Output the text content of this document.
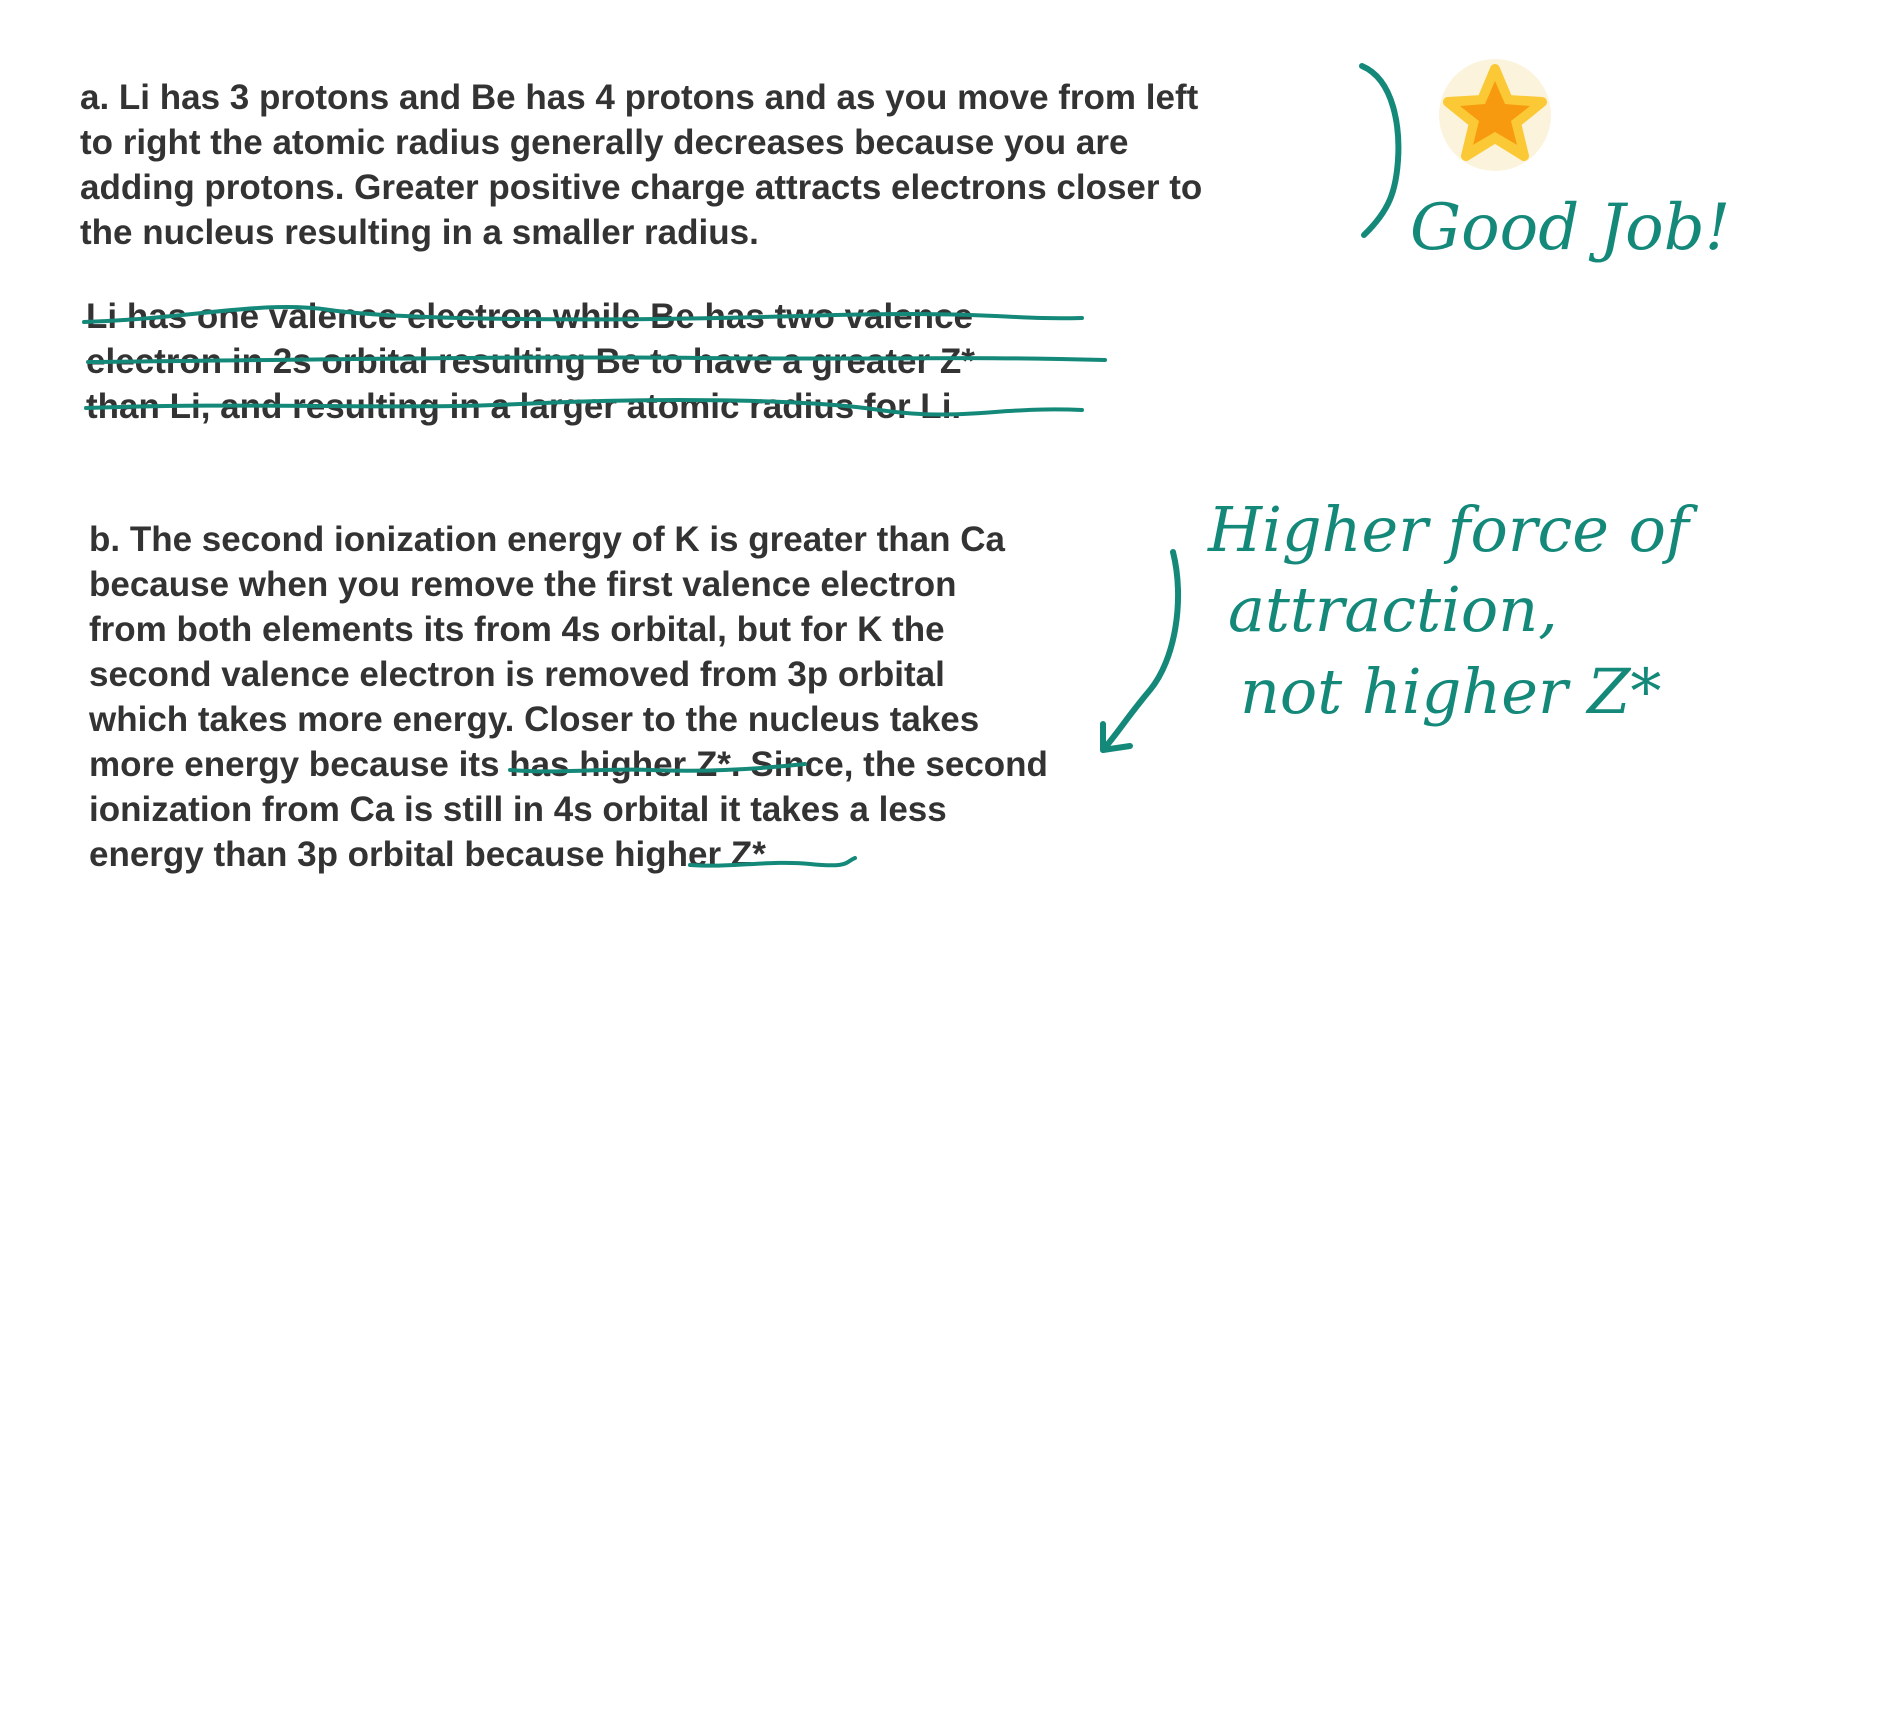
a. Li has 3 protons and Be has 4 protons and as you move from left
to right the atomic radius generally decreases because you are
adding protons. Greater positive charge attracts electrons closer to
the nucleus resulting in a smaller radius.
Li has one valence electron while Be has two valence
electron in 2s orbital resulting Be to have a greater Z*
than Li, and resulting in a larger atomic radius for Li.
b. The second ionization energy of K is greater than Ca
because when you remove the first valence electron
from both elements its from 4s orbital, but for K the
second valence electron is removed from 3p orbital
which takes more energy. Closer to the nucleus takes
more energy because its has higher Z*. Since, the second
ionization from Ca is still in 4s orbital it takes a less
energy than 3p orbital because higher Z*
Good Job!
Higher force of
attraction,
not higher Z*
